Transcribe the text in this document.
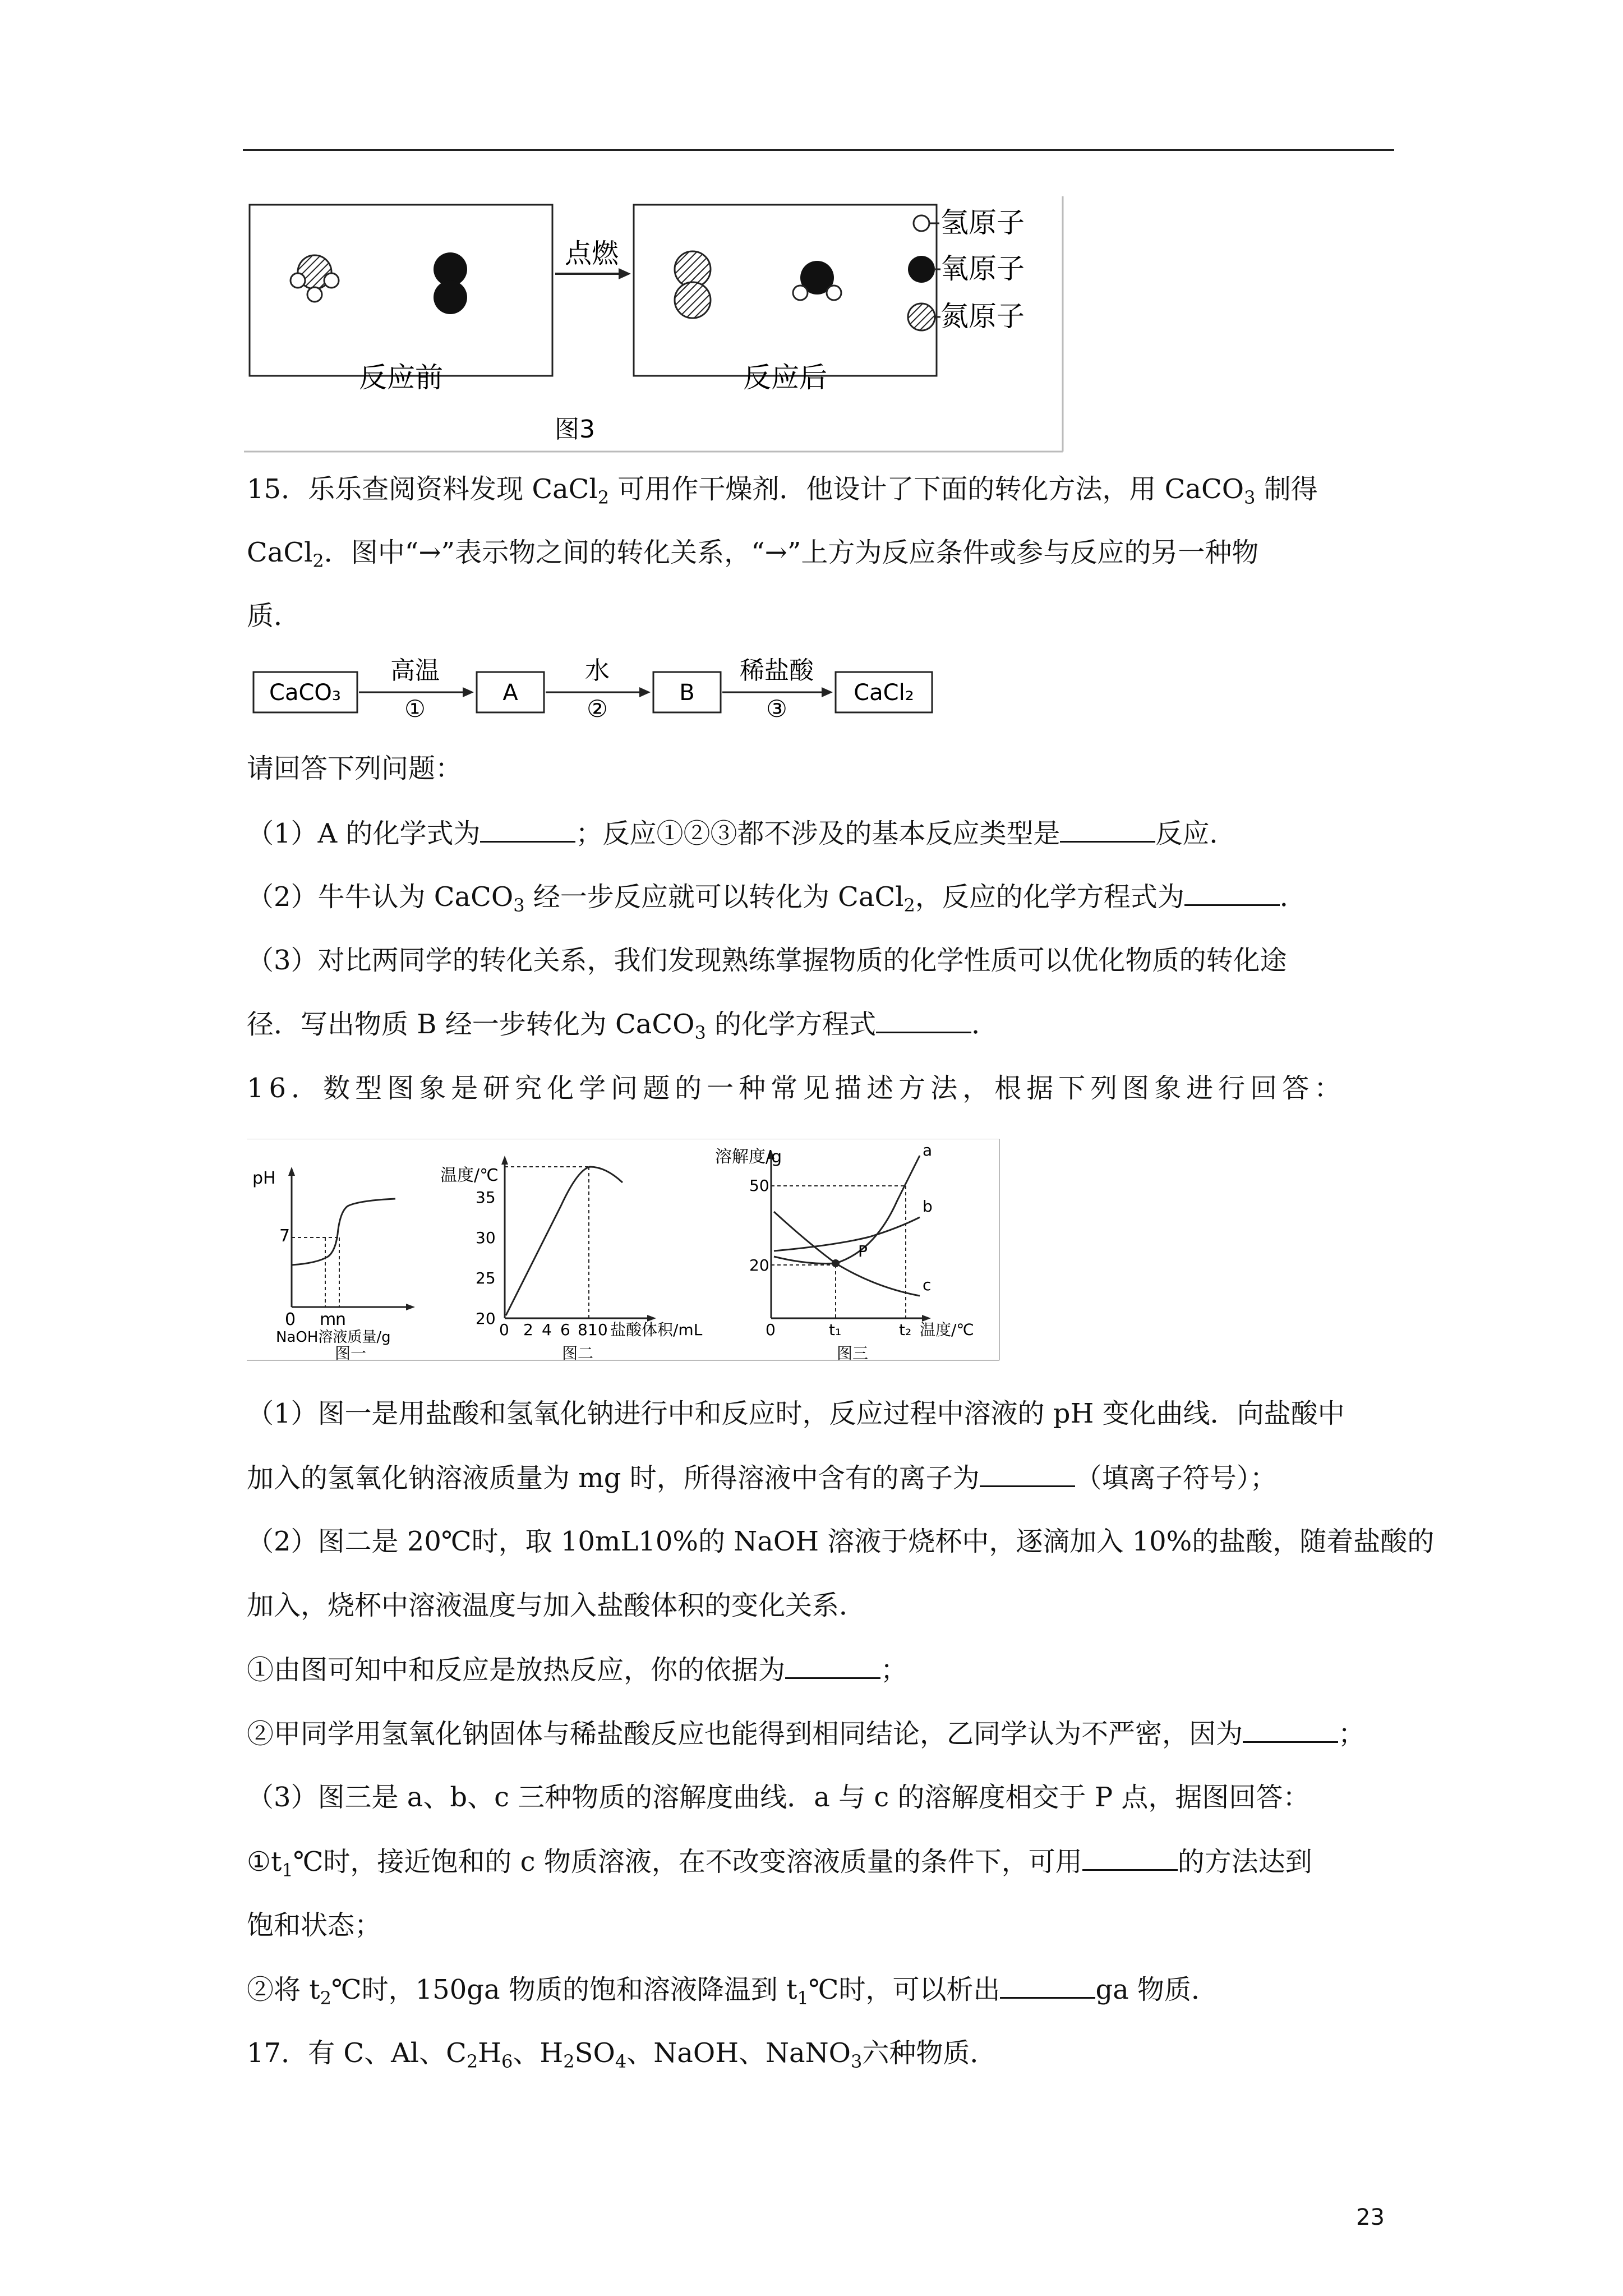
点燃
反应前	反应后
图3
氢原子
氧原子
氮原子
15．乐乐查阅资料发现 CaCl$_2$ 可用作干燥剂．他设计了下面的转化方法，用 CaCO$_3$ 制得
CaCl$_2$．图中“→”表示物之间的转化关系，“→”上方为反应条件或参与反应的另一种物
质．
CaCO₃
高温
①
A
水
②
B
稀盐酸
③
CaCl₂
请回答下列问题：
（1）A 的化学式为	；反应①②③都不涉及的基本反应类型是	反应．
（2）牛牛认为 CaCO$_3$ 经一步反应就可以转化为 CaCl$_2$，反应的化学方程式为	．
（3）对比两同学的转化关系，我们发现熟练掌握物质的化学性质可以优化物质的转化途
径．写出物质 B 经一步转化为 CaCO$_3$ 的化学方程式	．
16．数型图象是研究化学问题的一种常见描述方法，根据下列图象进行回答：
pH
7
0 m
n
NaOH溶液质量/g
图一
温度/℃
20
25
30
35
0 2 4 6 8 10 盐酸体积/mL
图二
溶解度/g
20
50
0	t₁	t₂ 温度/℃
图三
P
a
b
c
（1）图一是用盐酸和氢氧化钠进行中和反应时，反应过程中溶液的 pH 变化曲线．向盐酸中
加入的氢氧化钠溶液质量为 mg 时，所得溶液中含有的离子为	（填离子符号）；
（2）图二是 20℃时，取 10mL10%的 NaOH 溶液于烧杯中，逐滴加入 10%的盐酸，随着盐酸的
加入，烧杯中溶液温度与加入盐酸体积的变化关系．
①由图可知中和反应是放热反应，你的依据为	；
②甲同学用氢氧化钠固体与稀盐酸反应也能得到相同结论，乙同学认为不严密，因为	；
（3）图三是 a、b、c 三种物质的溶解度曲线．a 与 c 的溶解度相交于 P 点，据图回答：
$①t_1℃$时，接近饱和的 c 物质溶液，在不改变溶液质量的条件下，可用	的方法达到
饱和状态；
②将 $t_2℃$时，150ga 物质的饱和溶液降温到 $t_1℃$时，可以析出	ga 物质．
17．有 C、Al、$C_2H_6$、$H_2SO_4$、NaOH、NaNO$_3$六种物质．
23
